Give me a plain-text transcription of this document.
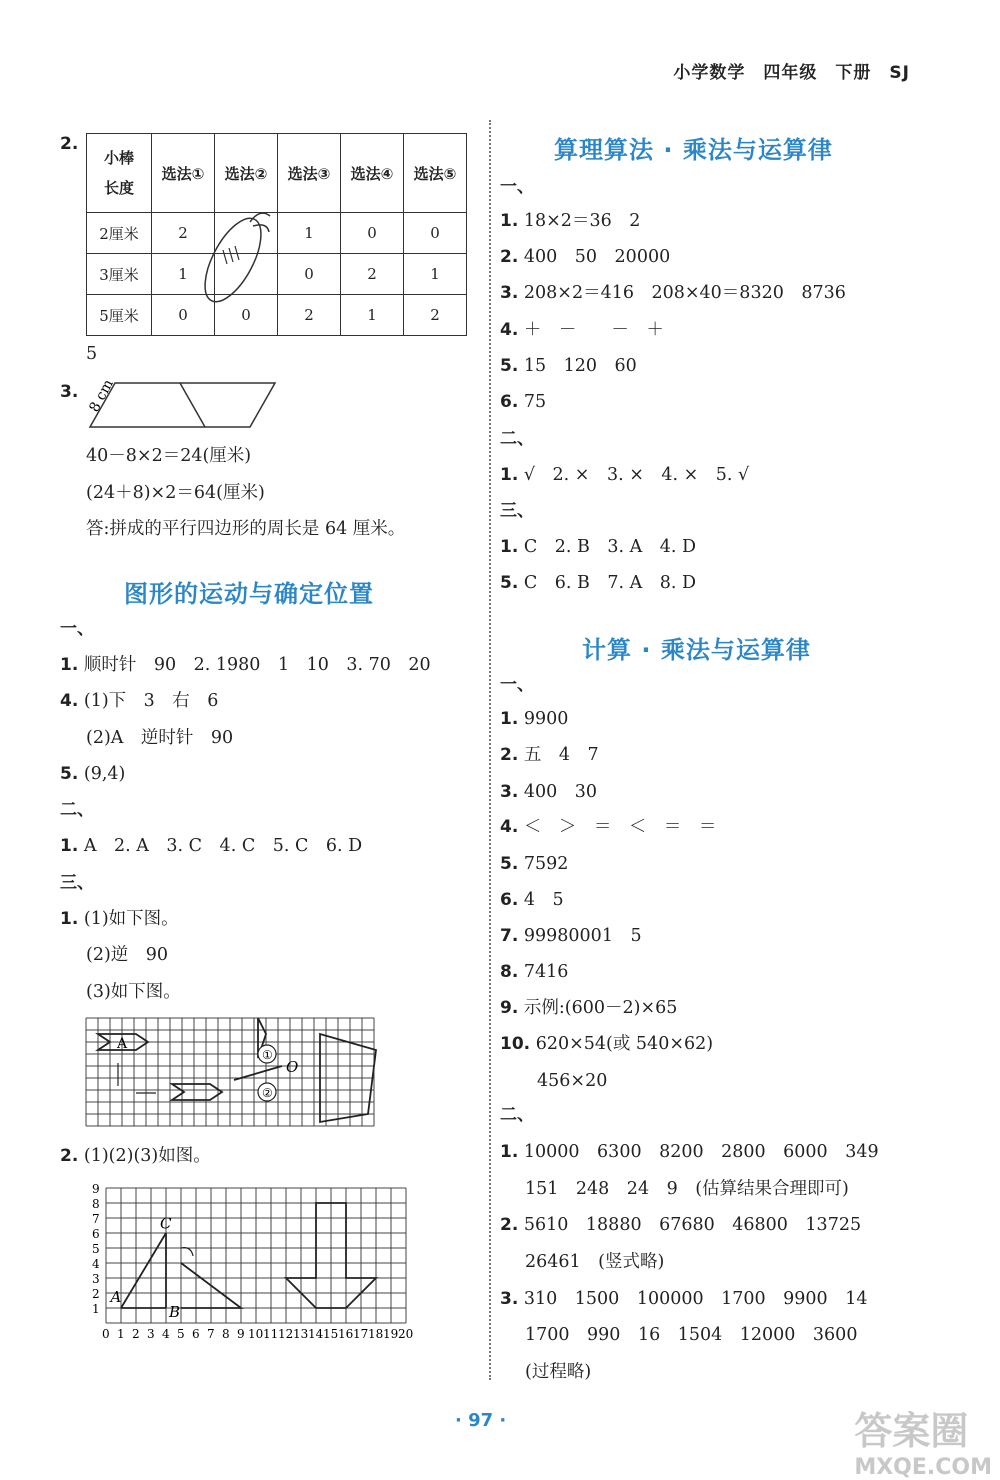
小学数学　四年级　下册　SJ
2.
小棒
长度	选法①	选法②	选法③	选法④	选法⑤
2厘米	2		1	0	0
3厘米	1		0	2	1
5厘米	0	0	2	1	2
5
3. 8 cm
40－8×2＝24(厘米)
(24＋8)×2＝64(厘米)
答:拼成的平行四边形的周长是 64 厘米。
图形的运动与确定位置
一、
1. 顺时针　90　2. 1980　1　10　3. 70　20
4. (1)下　3　右　6
(2)A　逆时针　90
5. (9,4)
二、
1. A　2. A　3. C　4. C　5. C　6. D
三、
1. (1)如下图。
(2)逆　90
(3)如下图。
A
①
②
O
2. (1)(2)(3)如图。
0 1 2 3 4 5 6 7 8 9 10 11 12 13 14 15 16 17 18 19 20
1
2
3
4
5
6
7
8
9
A
B
C
算理算法 · 乘法与运算律
一、
1. 18×2＝36　2
2. 400　50　20000
3. 208×2＝416　208×40＝8320　8736
4. ＋　－　　－　＋
5. 15　120　60
6. 75
二、
1. √　2. ×　3. ×　4. ×　5. √
三、
1. C　2. B　3. A　4. D
5. C　6. B　7. A　8. D
计算 · 乘法与运算律
一、
1. 9900
2. 五　4　7
3. 400　30
4. ＜　＞　＝　＜　＝　＝
5. 7592
6. 4　5
7. 99980001　5
8. 7416
9. 示例:(600－2)×65
10. 620×54(或 540×62)
456×20
二、
1. 10000　6300　8200　2800　6000　349
151　248　24　9　(估算结果合理即可)
2. 5610　18880　67680　46800　13725
26461　(竖式略)
3. 310　1500　100000　1700　9900　14
1700　990　16　1504　12000　3600
(过程略)
· 97 ·	答案圈
MXQE.COM
